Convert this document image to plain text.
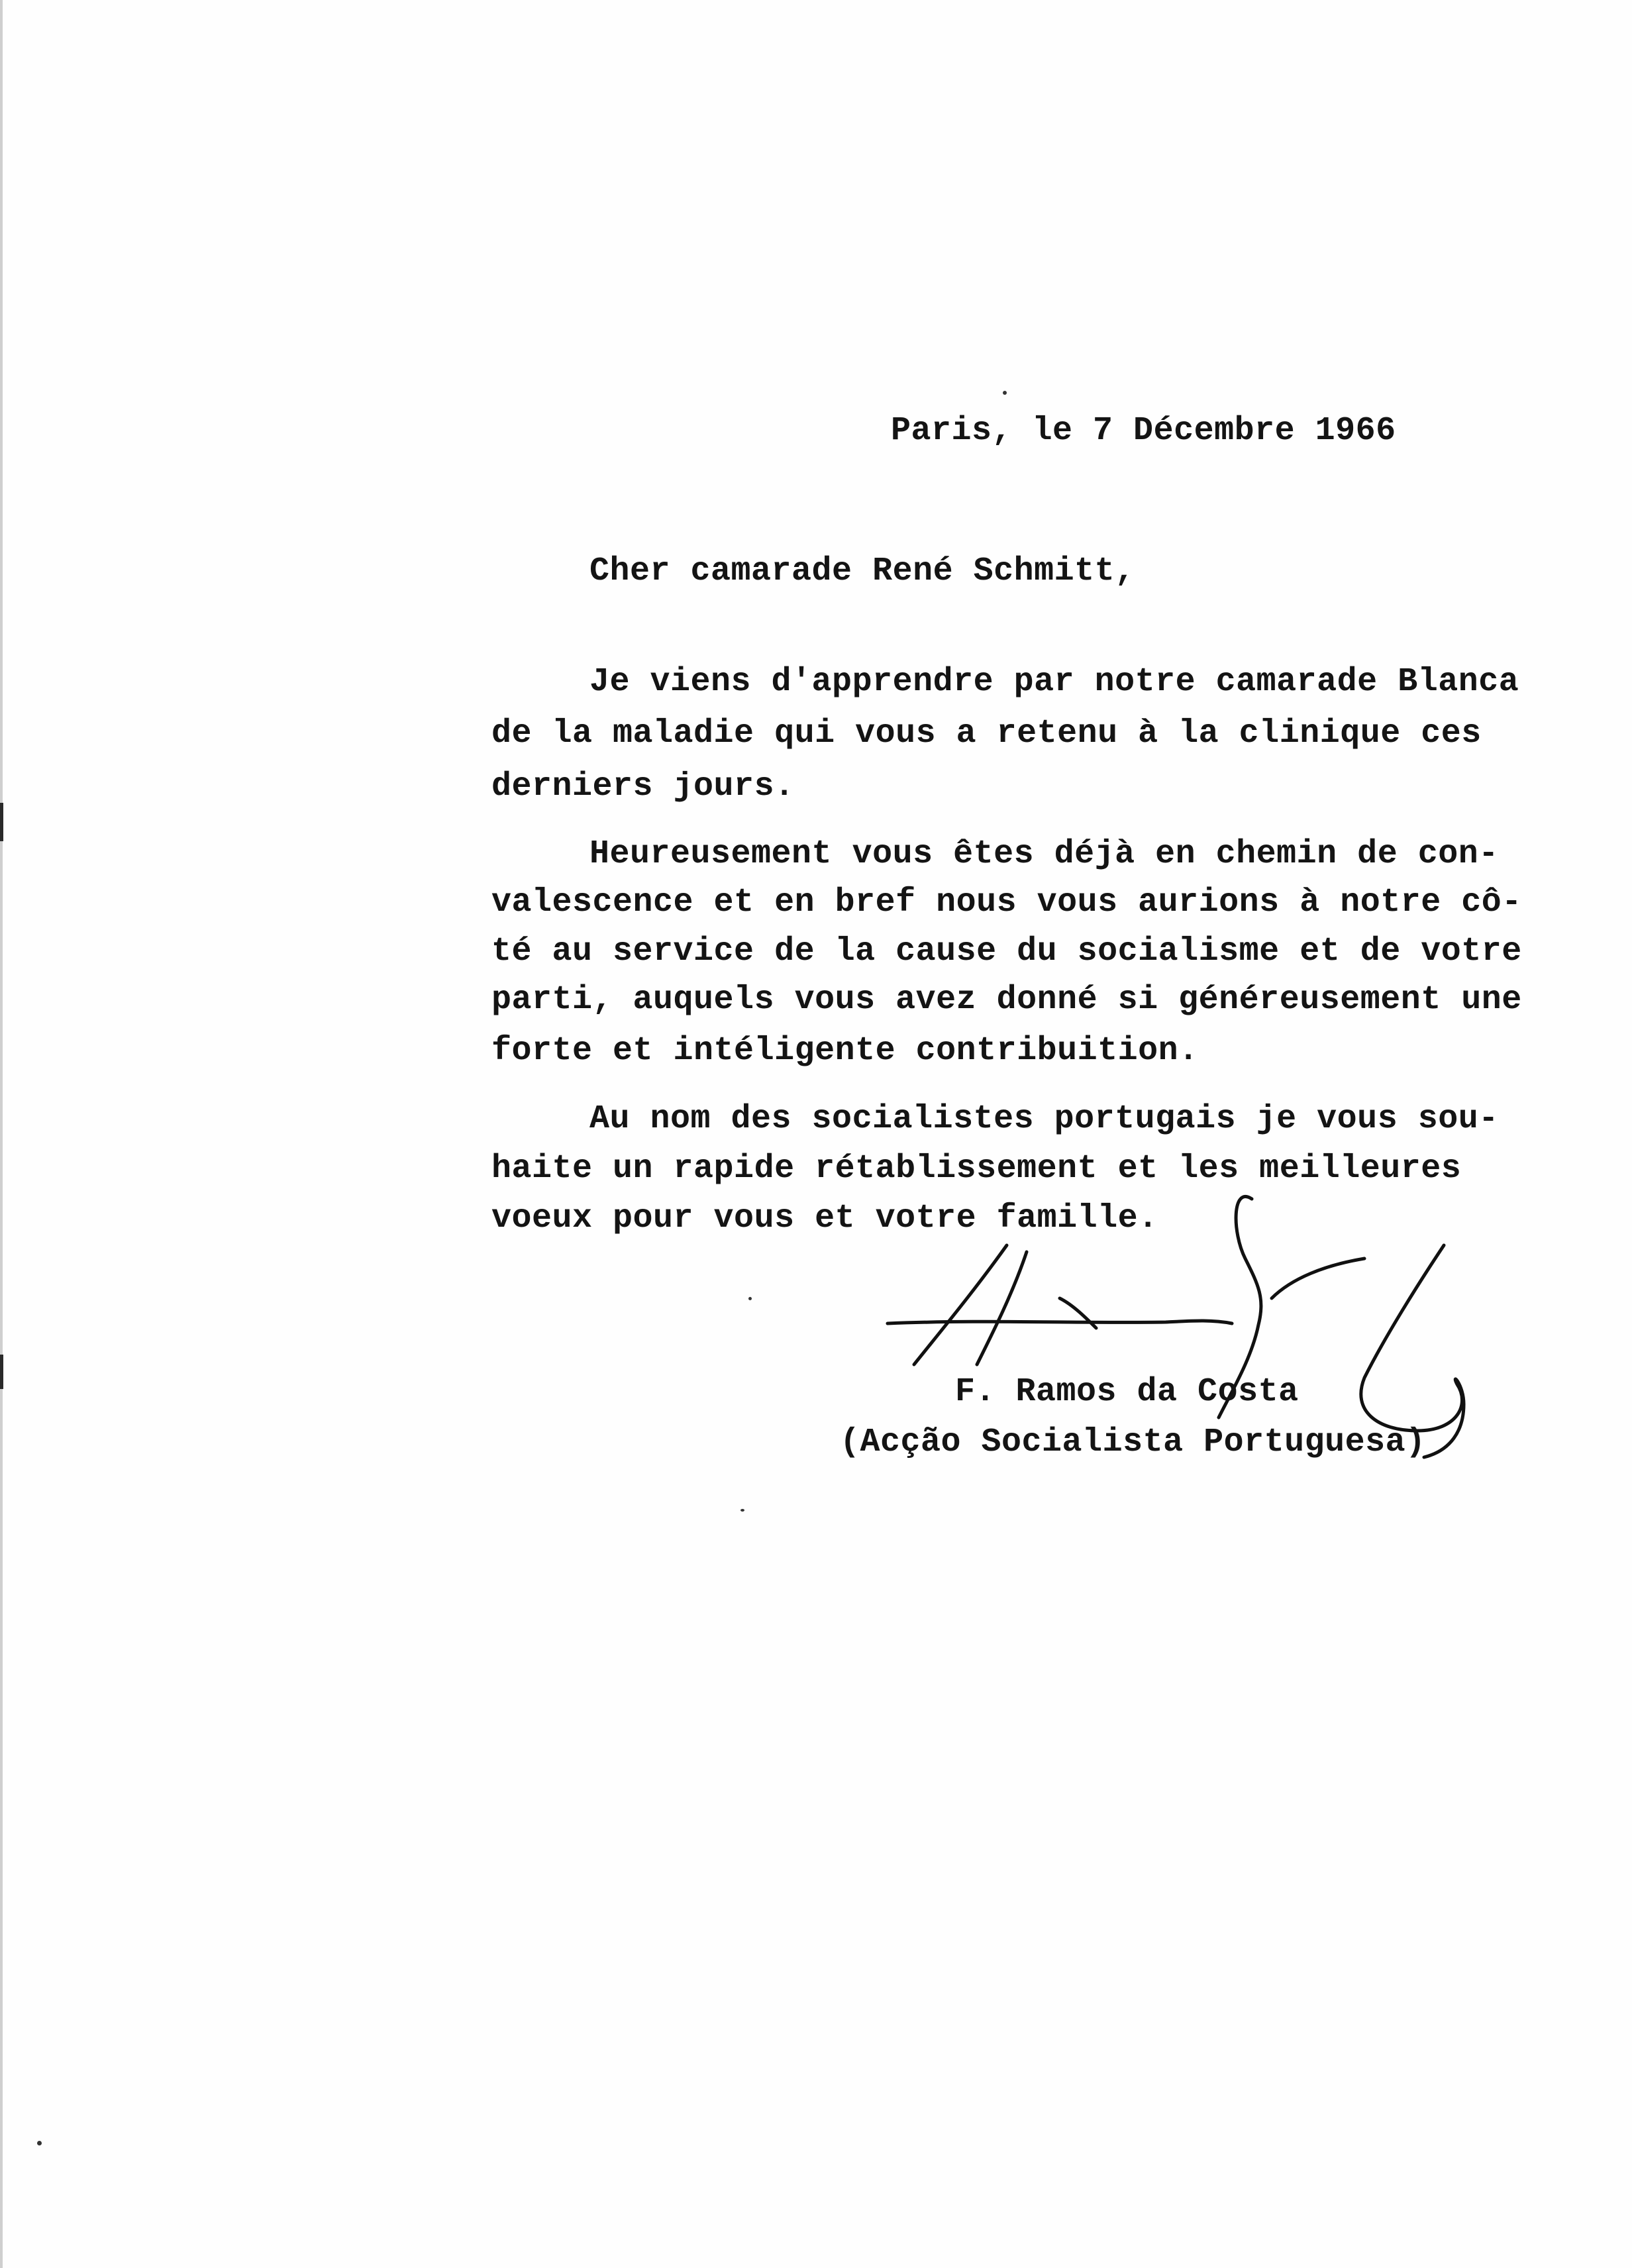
Paris, le 7 Décembre 1966
Cher camarade René Schmitt,
Je viens d'apprendre par notre camarade Blanca
de la maladie qui vous a retenu à la clinique ces
derniers jours.
Heureusement vous êtes déjà en chemin de con-
valescence et en bref nous vous aurions à notre cô-
té au service de la cause du socialisme et de votre
parti, auquels vous avez donné si généreusement une
forte et intéligente contribuition.
Au nom des socialistes portugais je vous sou-
haite un rapide rétablissement et les meilleures
voeux pour vous et votre famille.
F. Ramos da Costa
(Acção Socialista Portuguesa)
